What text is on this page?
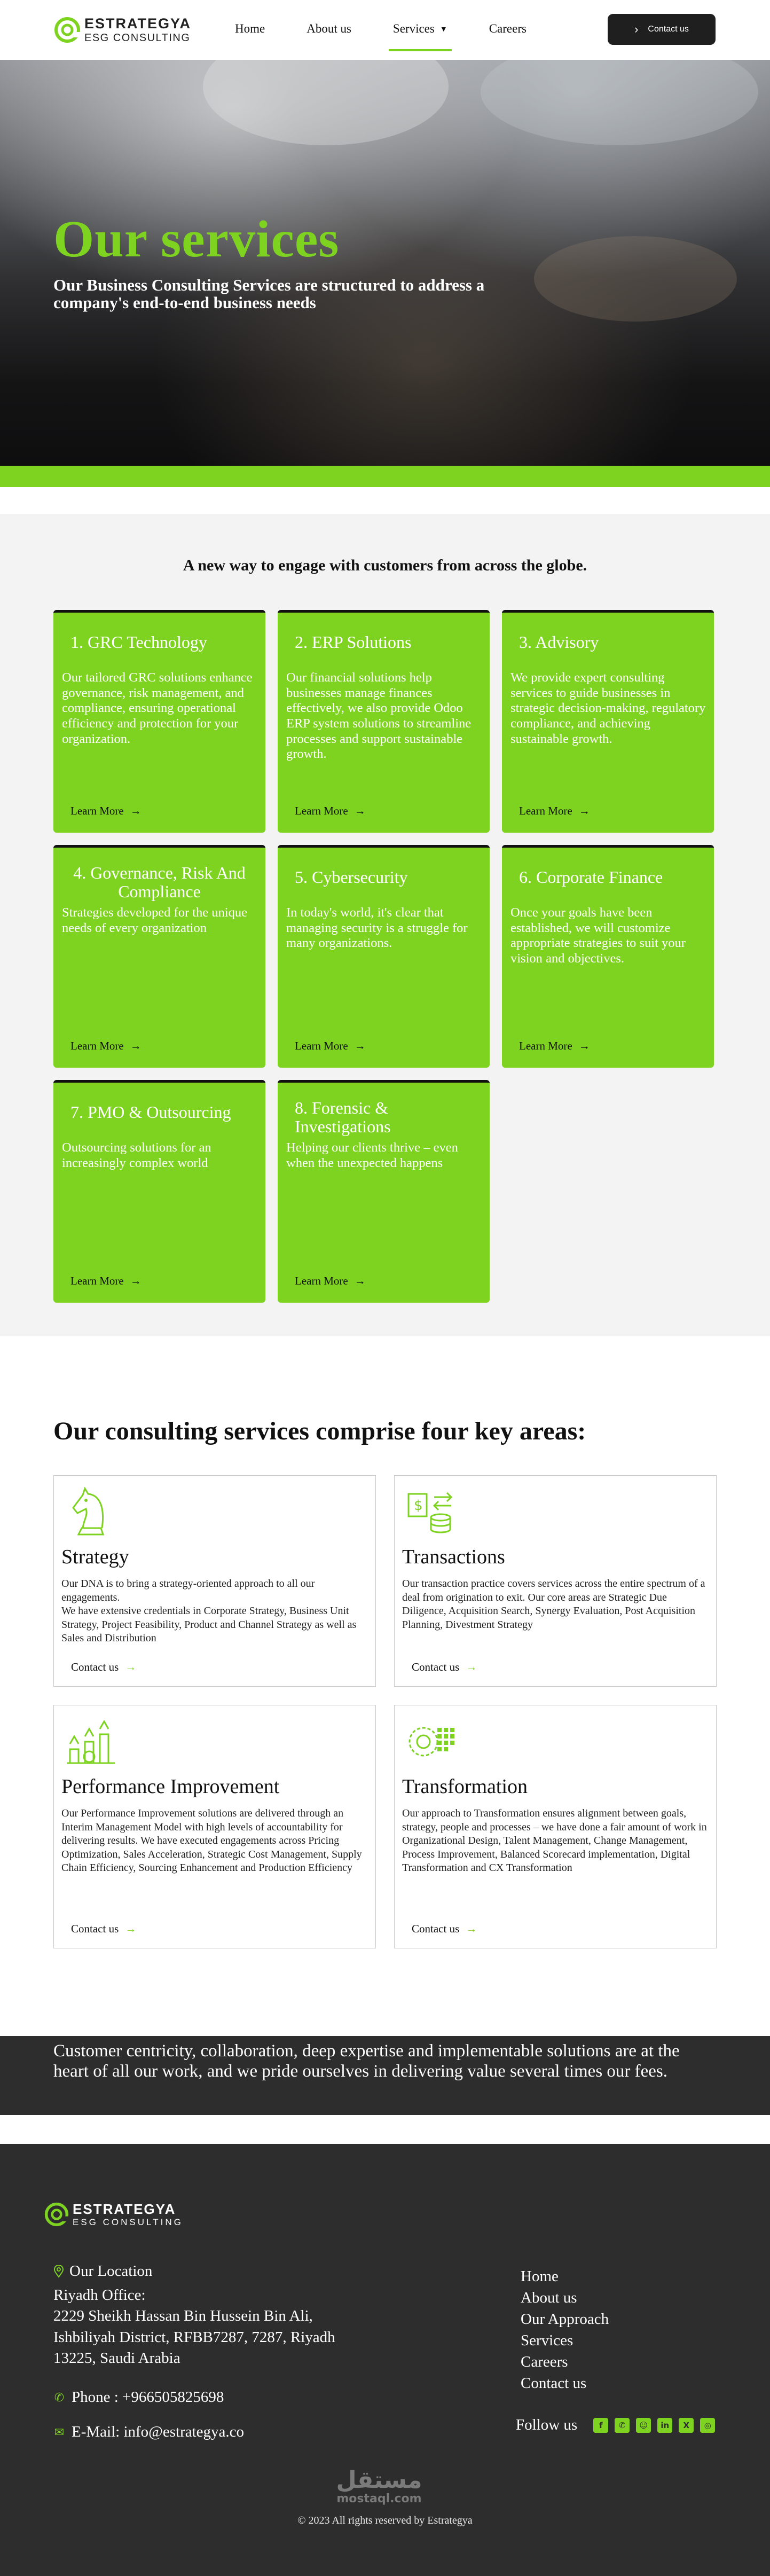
ESTRATEGYA
ESG CONSULTING
Home	About us	Services ▼	Careers	› Contact us
Our services

Our Business Consulting Services are structured to address a company's end-to-end business needs

A new way to engage with customers from across the globe.
1. GRC Technology
Our tailored GRC solutions enhance governance, risk management, and compliance, ensuring operational efficiency and protection for your organization.
Learn More →
2. ERP Solutions
Our financial solutions help businesses manage finances effectively, we also provide Odoo ERP system solutions to streamline processes and support sustainable growth.
Learn More →
3. Advisory
We provide expert consulting services to guide businesses in strategic decision-making, regulatory compliance, and achieving sustainable growth.
Learn More →
4. Governance, Risk And Compliance
Strategies developed for the unique needs of every organization
Learn More →
5. Cybersecurity
In today's world, it's clear that managing security is a struggle for many organizations.
Learn More →
6. Corporate Finance
Once your goals have been established, we will customize appropriate strategies to suit your vision and objectives.
Learn More →
7. PMO & Outsourcing
Outsourcing solutions for an increasingly complex world
Learn More →
8. Forensic & Investigations
Helping our clients thrive – even when the unexpected happens
Learn More →
Our consulting services comprise four key areas:
Strategy
Our DNA is to bring a strategy-oriented approach to all our engagements.
We have extensive credentials in Corporate Strategy, Business Unit Strategy, Project Feasibility, Product and Channel Strategy as well as Sales and Distribution
Contact us →
$
Transactions
Our transaction practice covers services across the entire spectrum of a deal from origination to exit. Our core areas are Strategic Due Diligence, Acquisition Search, Synergy Evaluation, Post Acquisition Planning, Divestment Strategy
Contact us →
Performance Improvement
Our Performance Improvement solutions are delivered through an Interim Management Model with high levels of accountability for delivering results. We have executed engagements across Pricing Optimization, Sales Acceleration, Strategic Cost Management, Supply Chain Efficiency, Sourcing Enhancement and Production Efficiency
Contact us →
Transformation
Our approach to Transformation ensures alignment between goals, strategy, people and processes – we have done a fair amount of work in Organizational Design, Talent Management, Change Management, Process Improvement, Balanced Scorecard implementation, Digital Transformation and CX Transformation
Contact us →

Customer centricity, collaboration, deep expertise and implementable solutions are at the heart of all our work, and we pride ourselves in delivering value several times our fees.

ESTRATEGYA
ESG CONSULTING
Our Location
Riyadh Office:
2229 Sheikh Hassan Bin Hussein Bin Ali,
Ishbiliyah District, RFBB7287, 7287, Riyadh
13225, Saudi Arabia
✆ Phone : +966505825698
✉ E-Mail: info@estrategya.co
Home
About us
Our Approach
Services
Careers
Contact us
Follow us	f	✆	☺	in	X	◎
مستقل
mostaql.com
© 2023 All rights reserved by Estrategya
